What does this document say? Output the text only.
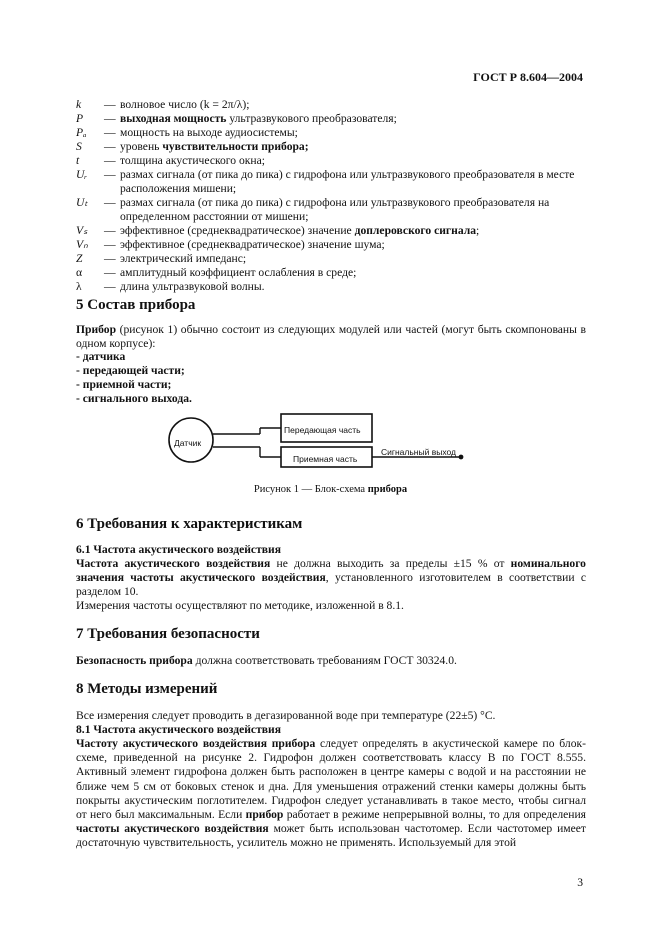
ГОСТ Р 8.604—2004
k — волновое число (k = 2π/λ);
P — выходная мощность ультразвукового преобразователя;
Pₐ — мощность на выходе аудиосистемы;
S — уровень чувствительности прибора;
t — толщина акустического окна;
Uᵣ — размах сигнала (от пика до пика) с гидрофона или ультразвукового преобразователя в месте расположения мишени;
Uₜ — размах сигнала (от пика до пика) с гидрофона или ультразвукового преобразователя на определенном расстоянии от мишени;
Vₛ — эффективное (среднеквадратическое) значение доплеровского сигнала;
Vₙ — эффективное (среднеквадратическое) значение шума;
Z — электрический импеданс;
α — амплитудный коэффициент ослабления в среде;
λ — длина ультразвуковой волны.
5 Состав прибора
Прибор (рисунок 1) обычно состоит из следующих модулей или частей (могут быть скомпонованы в одном корпусе):
- датчика
- передающей части;
- приемной части;
- сигнального выхода.
Датчик
Передающая часть
Приемная часть
Сигнальный выход
Рисунок 1 — Блок-схема прибора
6 Требования к характеристикам
6.1 Частота акустического воздействия
Частота акустического воздействия не должна выходить за пределы ±15 % от номинального значения частоты акустического воздействия, установленного изготовителем в соответствии с разделом 10.
Измерения частоты осуществляют по методике, изложенной в 8.1.
7 Требования безопасности
Безопасность прибора должна соответствовать требованиям ГОСТ 30324.0.
8 Методы измерений
Все измерения следует проводить в дегазированной воде при температуре (22±5) °С.
8.1 Частота акустического воздействия
Частоту акустического воздействия прибора следует определять в акустической камере по блок-схеме, приведенной на рисунке 2. Гидрофон должен соответствовать классу В по ГОСТ 8.555. Активный элемент гидрофона должен быть расположен в центре камеры с водой и на расстоянии не ближе чем 5 см от боковых стенок и дна. Для уменьшения отражений стенки камеры должны быть покрыты акустическим поглотителем. Гидрофон следует устанавливать в такое место, чтобы сигнал от него был максимальным. Если прибор работает в режиме непрерывной волны, то для определения частоты акустического воздействия может быть использован частотомер. Если частотомер имеет достаточную чувствительность, усилитель можно не применять. Используемый для этой
3
